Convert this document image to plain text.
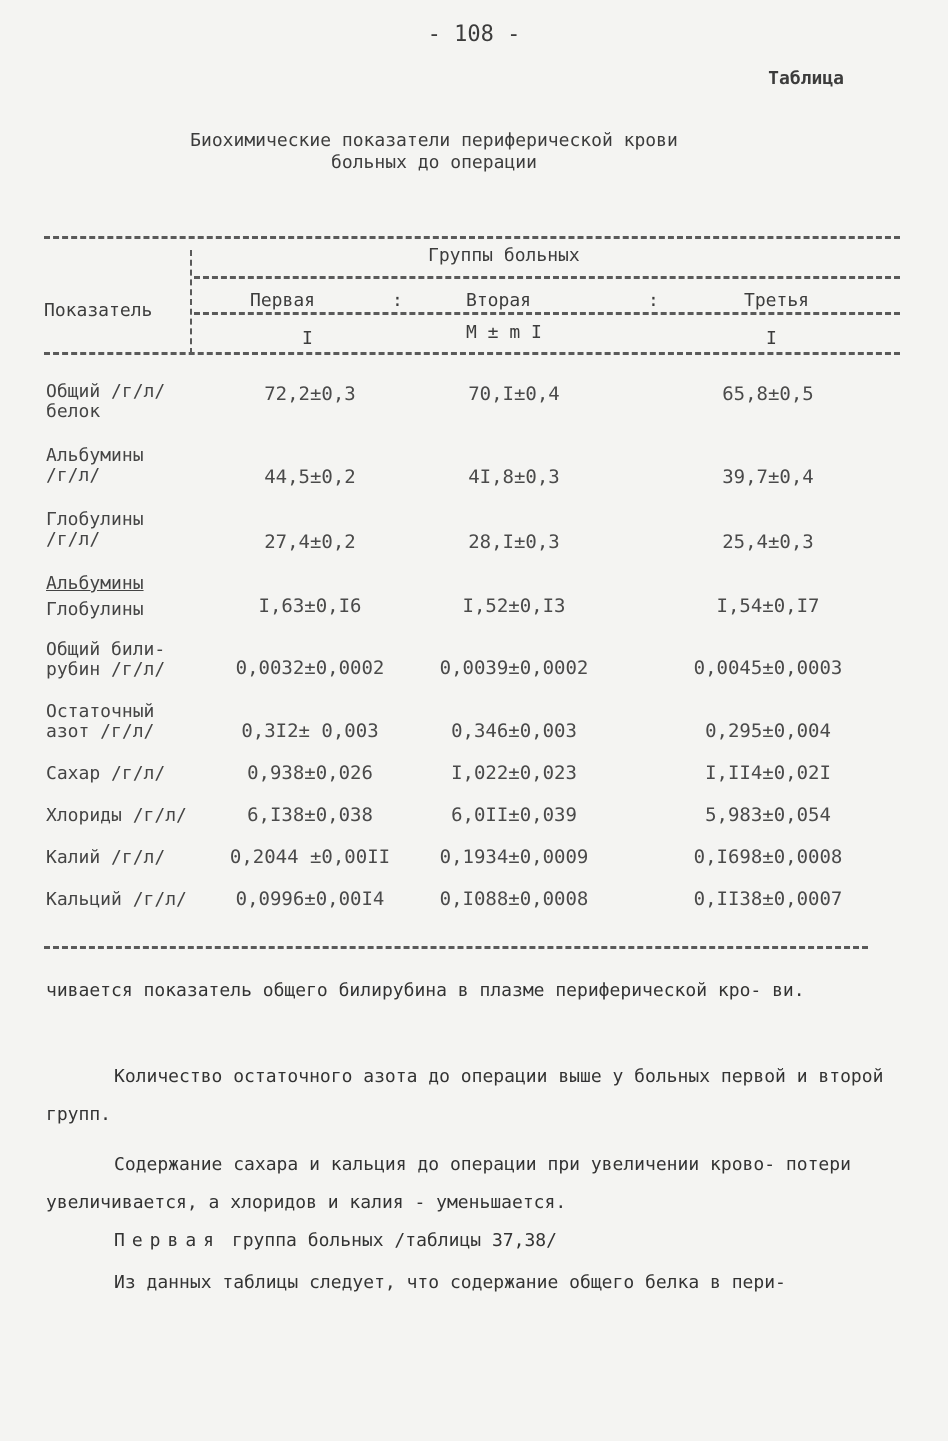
- 108 -
Таблица
Биохимические показатели периферической крови
больных до операции
Группы больных
Показатель	Первая	Вторая	Третья
:	:
I	M ± m I	I
Общий /г/л/
белок
72,2±0,3	70,I±0,4	65,8±0,5
Альбумины
/г/л/	44,5±0,2	4I,8±0,3	39,7±0,4
Глобулины
/г/л/	27,4±0,2	28,I±0,3	25,4±0,3
Альбумины
Глобулины	I,63±0,I6	I,52±0,I3	I,54±0,I7
Общий били-
рубин /г/л/	0,0032±0,0002	0,0039±0,0002	0,0045±0,0003
Остаточный
азот /г/л/	0,3I2± 0,003	0,346±0,003	0,295±0,004
Сахар /г/л/	0,938±0,026	I,022±0,023	I,II4±0,02I
Хлориды /г/л/	6,I38±0,038	6,0II±0,039	5,983±0,054
Калий /г/л/	0,2044 ±0,00II	0,1934±0,0009	0,I698±0,0008
Кальций /г/л/	0,0996±0,00I4	0,I088±0,0008	0,II38±0,0007
чивается показатель общего билирубина в плазме периферической кро- ви.
Количество остаточного азота до операции выше у больных первой и второй групп.
Содержание сахара и кальция до операции при увеличении крово- потери увеличивается, а хлоридов и калия - уменьшается.
Первая группа больных /таблицы 37,38/
Из данных таблицы следует, что содержание общего белка в пери-
